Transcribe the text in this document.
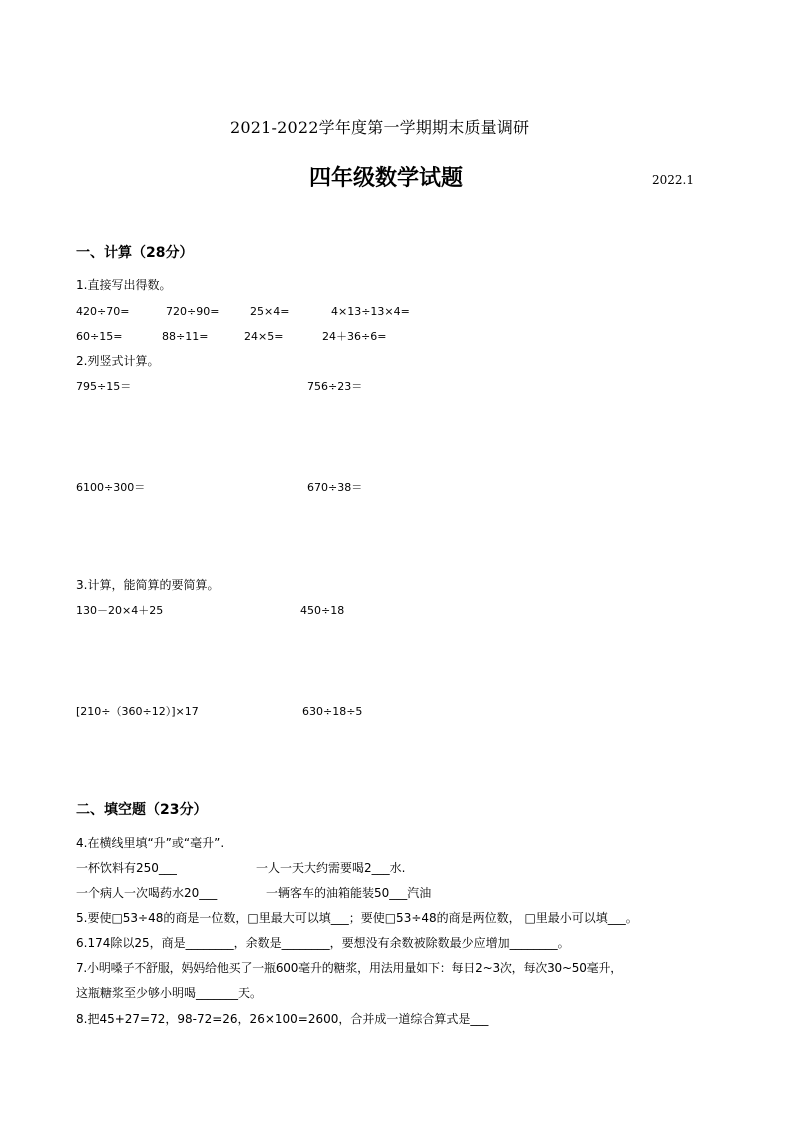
2021-2022学年度第一学期期末质量调研
四年级数学试题	2022.1
一、计算（28分）
1.直接写出得数。
420÷70=	720÷90=	25×4=	4×13÷13×4=
60÷15=	88÷11=	24×5=	24＋36÷6=
2.列竖式计算。
795÷15＝	756÷23＝
6100÷300＝	670÷38＝
3.计算，能简算的要简算。
130－20×4＋25	450÷18
[210÷（360÷12）]×17	630÷18÷5
二、填空题（23分）
4.在横线里填“升”或“毫升”.
一杯饮料有250___	一人一天大约需要喝2___水.
一个病人一次喝药水20___	一辆客车的油箱能装50___汽油
5.要使□53÷48的商是一位数，□里最大可以填___；要使□53÷48的商是两位数， □里最小可以填___。
6.174除以25，商是________，余数是________，要想没有余数被除数最少应增加________。
7.小明嗓子不舒服，妈妈给他买了一瓶600毫升的糖浆，用法用量如下：每日2~3次，每次30~50毫升，
这瓶糖浆至少够小明喝_______天。
8.把45+27=72，98-72=26，26×100=2600，合并成一道综合算式是___
